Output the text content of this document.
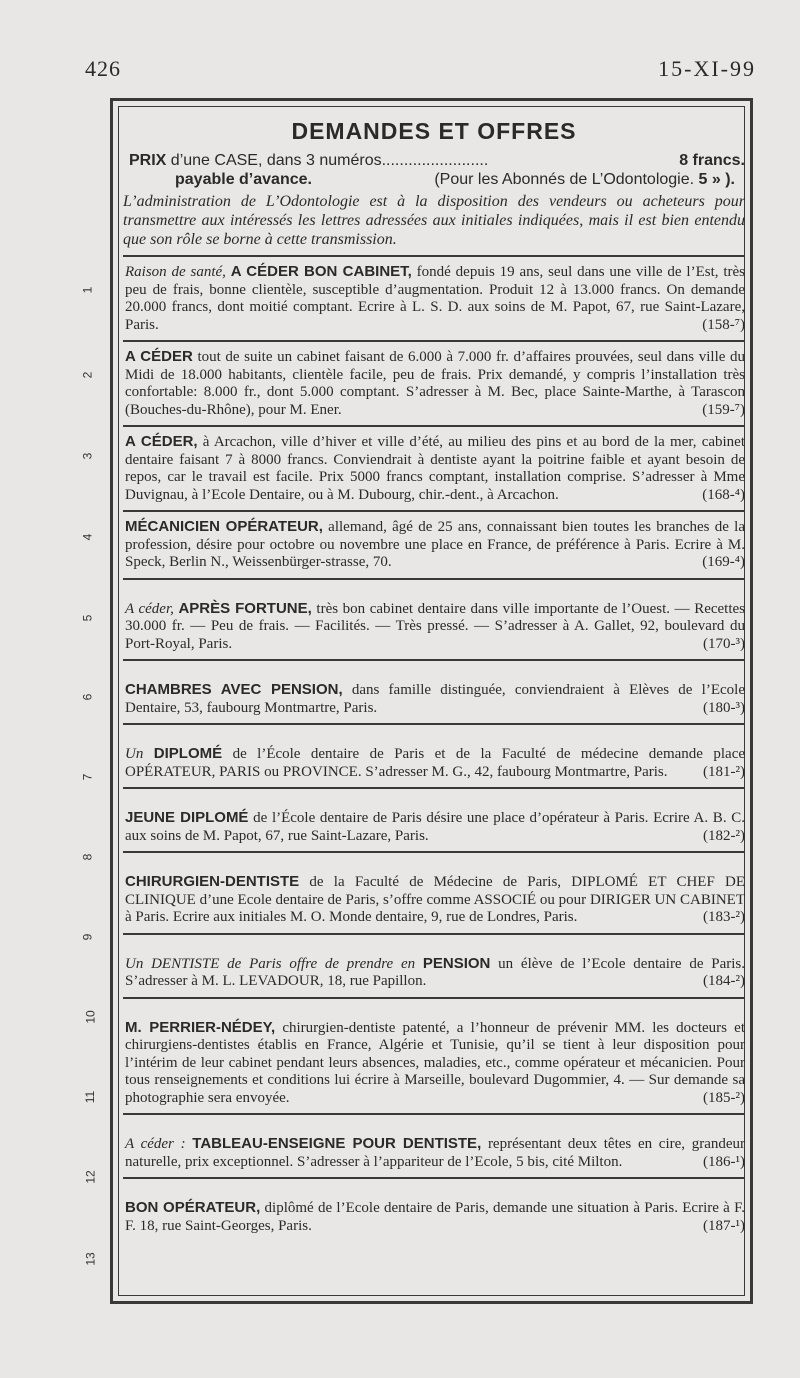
426	15-XI-99
1
2
3
4
5
6
7
8
9
10
11
12
13
DEMANDES ET OFFRES
PRIX d’une CASE, dans 3 numéros........................	8 francs.
payable d’avance.	(Pour les Abonnés de L’Odontologie. 5 » ).
L’administration de L’Odontologie est à la disposition des vendeurs ou acheteurs pour transmettre aux intéressés les lettres adressées aux initiales indiquées, mais il est bien entendu que son rôle se borne à cette transmission.
Raison de santé, A CÉDER BON CABINET, fondé depuis 19 ans, seul dans une ville de l’Est, très peu de frais, bonne clientèle, susceptible d’augmentation. Produit 12 à 13.000 francs. On demande 20.000 francs, dont moitié comptant. Ecrire à L. S. D. aux soins de M. Papot, 67, rue Saint-Lazare, Paris.	(158-⁷)
A CÉDER tout de suite un cabinet faisant de 6.000 à 7.000 fr. d’affaires prouvées, seul dans ville du Midi de 18.000 habitants, clientèle facile, peu de frais. Prix demandé, y compris l’installation très confortable: 8.000 fr., dont 5.000 comptant. S’adresser à M. Bec, place Sainte-Marthe, à Tarascon (Bouches-du-Rhône), pour M. Ener.	(159-⁷)
A CÉDER, à Arcachon, ville d’hiver et ville d’été, au milieu des pins et au bord de la mer, cabinet dentaire faisant 7 à 8000 francs. Conviendrait à dentiste ayant la poitrine faible et ayant besoin de repos, car le travail est facile. Prix 5000 francs comptant, installation comprise. S’adresser à Mme Duvignau, à l’Ecole Dentaire, ou à M. Dubourg, chir.-dent., à Arcachon.	(168-⁴)
MÉCANICIEN OPÉRATEUR, allemand, âgé de 25 ans, connaissant bien toutes les branches de la profession, désire pour octobre ou novembre une place en France, de préférence à Paris. Ecrire à M. Speck, Berlin N., Weissenbürger-strasse, 70.	(169-⁴)
A céder, APRÈS FORTUNE, très bon cabinet dentaire dans ville importante de l’Ouest. — Recettes 30.000 fr. — Peu de frais. — Facilités. — Très pressé. — S’adresser à A. Gallet, 92, boulevard du Port-Royal, Paris.	(170-³)
CHAMBRES AVEC PENSION, dans famille distinguée, conviendraient à Elèves de l’Ecole Dentaire, 53, faubourg Montmartre, Paris.	(180-³)
Un DIPLOMÉ de l’École dentaire de Paris et de la Faculté de médecine demande place OPÉRATEUR, PARIS ou PROVINCE. S’adresser M. G., 42, faubourg Montmartre, Paris. (181-²)
JEUNE DIPLOMÉ de l’École dentaire de Paris désire une place d’opérateur à Paris. Ecrire A. B. C. aux soins de M. Papot, 67, rue Saint-Lazare, Paris.	(182-²)
CHIRURGIEN-DENTISTE de la Faculté de Médecine de Paris, DIPLOMÉ ET CHEF DE CLINIQUE d’une Ecole dentaire de Paris, s’offre comme ASSOCIÉ ou pour DIRIGER UN CABINET à Paris. Ecrire aux initiales M. O. Monde dentaire, 9, rue de Londres, Paris.	(183-²)
Un DENTISTE de Paris offre de prendre en PENSION un élève de l’Ecole dentaire de Paris. S’adresser à M. L. LEVADOUR, 18, rue Papillon.	(184-²)
M. PERRIER-NÉDEY, chirurgien-dentiste patenté, a l’honneur de prévenir MM. les docteurs et chirurgiens-dentistes établis en France, Algérie et Tunisie, qu’il se tient à leur disposition pour l’intérim de leur cabinet pendant leurs absences, maladies, etc., comme opérateur et mécanicien. Pour tous renseignements et conditions lui écrire à Marseille, boulevard Dugommier, 4. — Sur demande sa photographie sera envoyée.	(185-²)
A céder : TABLEAU-ENSEIGNE POUR DENTISTE, représentant deux têtes en cire, grandeur naturelle, prix exceptionnel. S’adresser à l’appariteur de l’Ecole, 5 bis, cité Milton.	(186-¹)
BON OPÉRATEUR, diplômé de l’Ecole dentaire de Paris, demande une situation à Paris. Ecrire à F. F. 18, rue Saint-Georges, Paris.	(187-¹)
